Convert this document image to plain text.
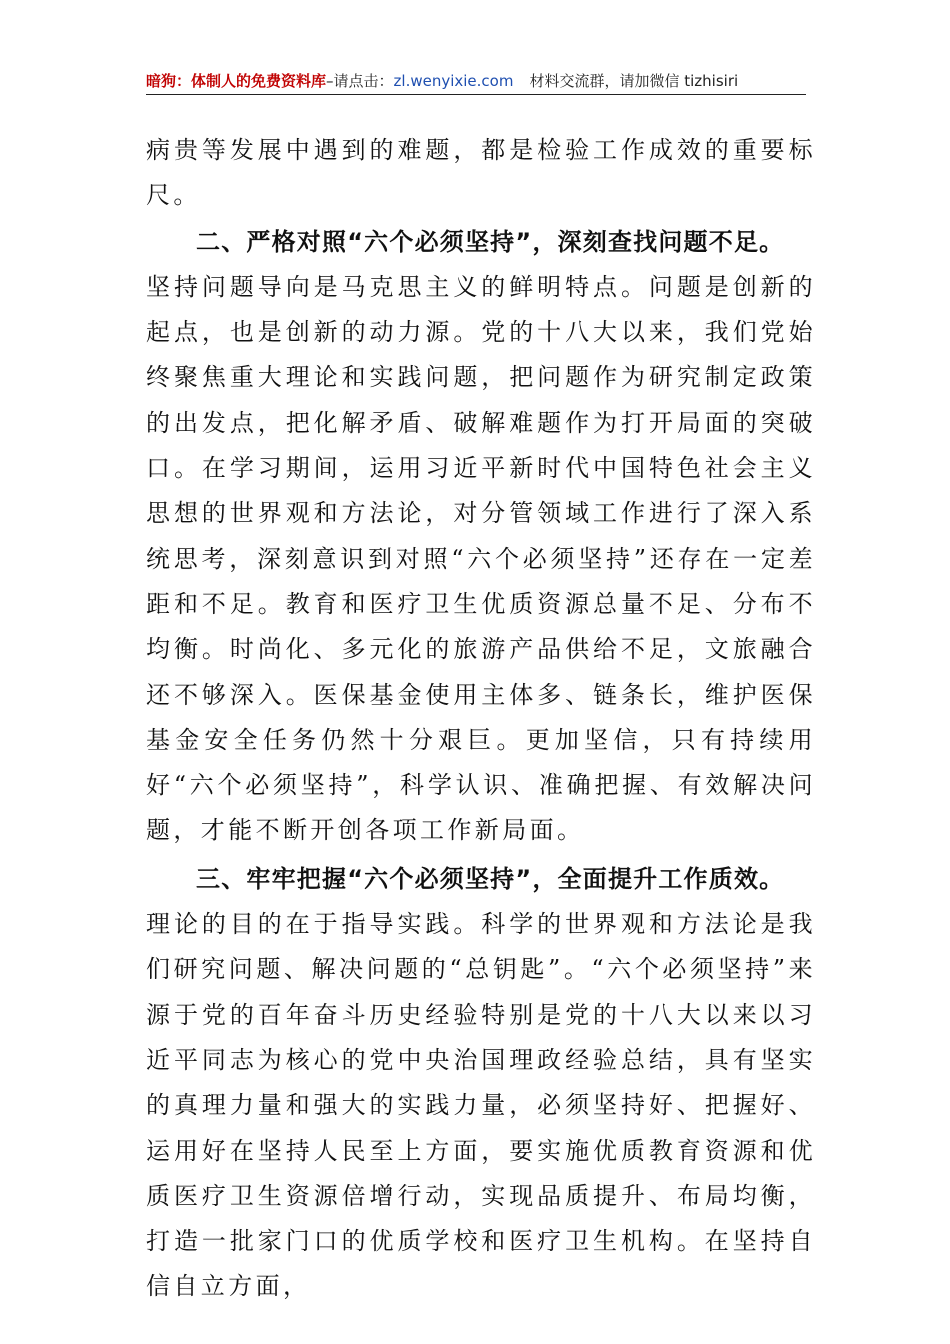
暗狗：体制人的免费资料库–请点击：zl.wenyixie.com 材料交流群，请加微信 tizhisiri

病贵等发展中遇到的难题，都是检验工作成效的重要标尺。

二、严格对照“六个必须坚持”，深刻查找问题不足。

坚持问题导向是马克思主义的鲜明特点。问题是创新的起点，也是创新的动力源。党的十八大以来，我们党始终聚焦重大理论和实践问题，把问题作为研究制定政策的出发点，把化解矛盾、破解难题作为打开局面的突破口。在学习期间，运用习近平新时代中国特色社会主义思想的世界观和方法论，对分管领域工作进行了深入系统思考，深刻意识到对照“六个必须坚持”还存在一定差距和不足。教育和医疗卫生优质资源总量不足、分布不均衡。时尚化、多元化的旅游产品供给不足，文旅融合还不够深入。医保基金使用主体多、链条长，维护医保基金安全任务仍然十分艰巨。更加坚信，只有持续用好“六个必须坚持”，科学认识、准确把握、有效解决问题，才能不断开创各项工作新局面。

三、牢牢把握“六个必须坚持”，全面提升工作质效。

理论的目的在于指导实践。科学的世界观和方法论是我们研究问题、解决问题的“总钥匙”。“六个必须坚持”来源于党的百年奋斗历史经验特别是党的十八大以来以习近平同志为核心的党中央治国理政经验总结，具有坚实的真理力量和强大的实践力量，必须坚持好、把握好、运用好在坚持人民至上方面，要实施优质教育资源和优质医疗卫生资源倍增行动，实现品质提升、布局均衡，打造一批家门口的优质学校和医疗卫生机构。在坚持自信自立方面，
